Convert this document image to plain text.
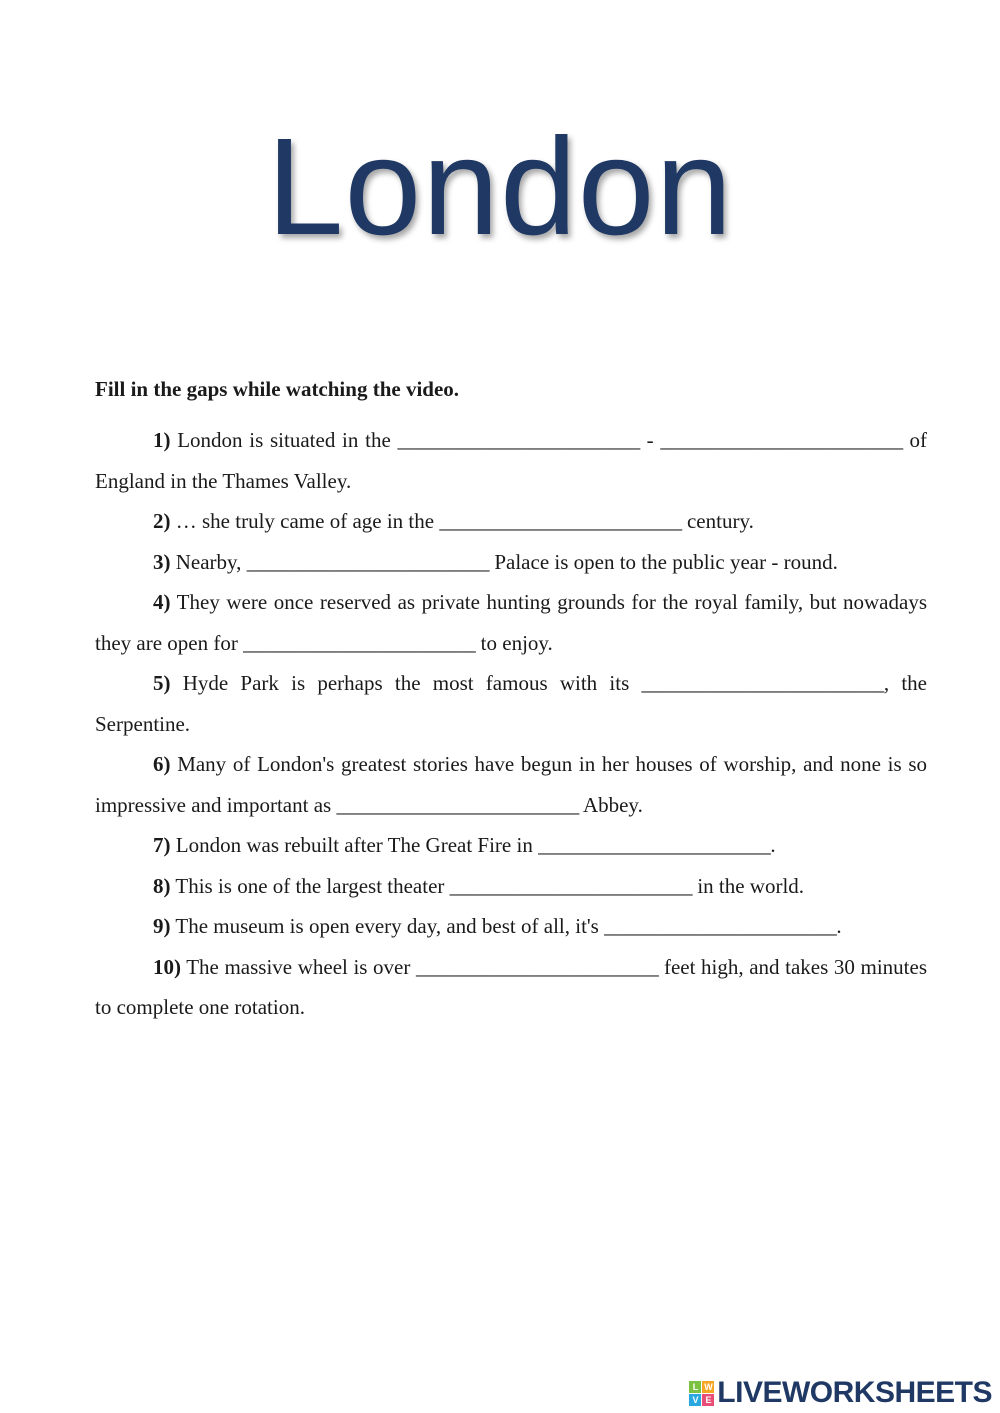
London

Fill in the gaps while watching the video.

1) London is situated in the ________________________ - ________________________ of England in the Thames Valley.

2) … she truly came of age in the ________________________ century.

3) Nearby, ________________________ Palace is open to the public year - round.

4) They were once reserved as private hunting grounds for the royal family, but nowadays they are open for _______________________ to enjoy.

5) Hyde Park is perhaps the most famous with its ________________________, the Serpentine.

6) Many of London's greatest stories have begun in her houses of worship, and none is so impressive and important as ________________________ Abbey.

7) London was rebuilt after The Great Fire in _______________________.

8) This is one of the largest theater ________________________ in the world.

9) The museum is open every day, and best of all, it's _______________________.

10) The massive wheel is over ________________________ feet high, and takes 30 minutes to complete one rotation.

L W
V E LIVEWORKSHEETS
